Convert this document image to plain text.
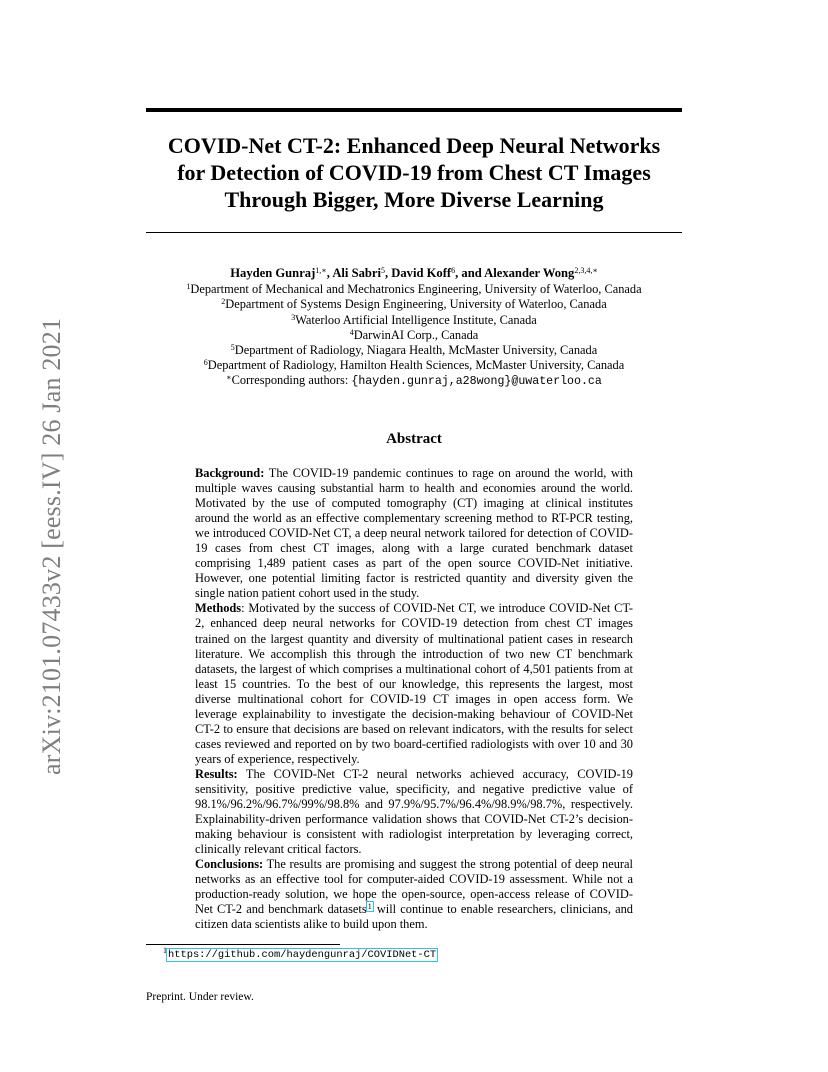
arXiv:2101.07433v2 [eess.IV] 26 Jan 2021
COVID-Net CT-2: Enhanced Deep Neural Networks
for Detection of COVID-19 from Chest CT Images
Through Bigger, More Diverse Learning
Hayden Gunraj$^{1,∗}$, Ali Sabri$^5$, David Koff$^6$, and Alexander Wong$^{2,3,4,∗}$
$^1$Department of Mechanical and Mechatronics Engineering, University of Waterloo, Canada
$^2$Department of Systems Design Engineering, University of Waterloo, Canada
$^3$Waterloo Artificial Intelligence Institute, Canada
$^4$DarwinAI Corp., Canada
$^5$Department of Radiology, Niagara Health, McMaster University, Canada
$^6$Department of Radiology, Hamilton Health Sciences, McMaster University, Canada
∗Corresponding authors: {hayden.gunraj,a28wong}@uwaterloo.ca
Abstract

Background: The COVID-19 pandemic continues to rage on around the world, with multiple waves causing substantial harm to health and economies around the world. Motivated by the use of computed tomography (CT) imaging at clinical institutes around the world as an effective complementary screening method to RT-PCR testing, we introduced COVID-Net CT, a deep neural network tailored for detection of COVID-19 cases from chest CT images, along with a large curated benchmark dataset comprising 1,489 patient cases as part of the open source COVID-Net initiative. However, one potential limiting factor is restricted quantity and diversity given the single nation patient cohort used in the study.

Methods: Motivated by the success of COVID-Net CT, we introduce COVID-Net CT-2, enhanced deep neural networks for COVID-19 detection from chest CT images trained on the largest quantity and diversity of multinational patient cases in research literature. We accomplish this through the introduction of two new CT benchmark datasets, the largest of which comprises a multinational cohort of 4,501 patients from at least 15 countries. To the best of our knowledge, this represents the largest, most diverse multinational cohort for COVID-19 CT images in open access form. We leverage explainability to investigate the decision-making behaviour of COVID-Net CT-2 to ensure that decisions are based on relevant indicators, with the results for select cases reviewed and reported on by two board-certified radiologists with over 10 and 30 years of experience, respectively.

Results: The COVID-Net CT-2 neural networks achieved accuracy, COVID-19 sensitivity, positive predictive value, specificity, and negative predictive value of 98.1%/96.2%/96.7%/99%/98.8% and 97.9%/95.7%/96.4%/98.9%/98.7%, respectively. Explainability-driven performance validation shows that COVID-Net CT-2’s decision-making behaviour is consistent with radiologist interpretation by leveraging correct, clinically relevant critical factors.

Conclusions: The results are promising and suggest the strong potential of deep neural networks as an effective tool for computer-aided COVID-19 assessment. While not a production-ready solution, we hope the open-source, open-access release of COVID-Net CT-2 and benchmark datasets$^1$ will continue to enable researchers, clinicians, and citizen data scientists alike to build upon them.

$^1$https://github.com/haydengunraj/COVIDNet-CT
Preprint. Under review.
